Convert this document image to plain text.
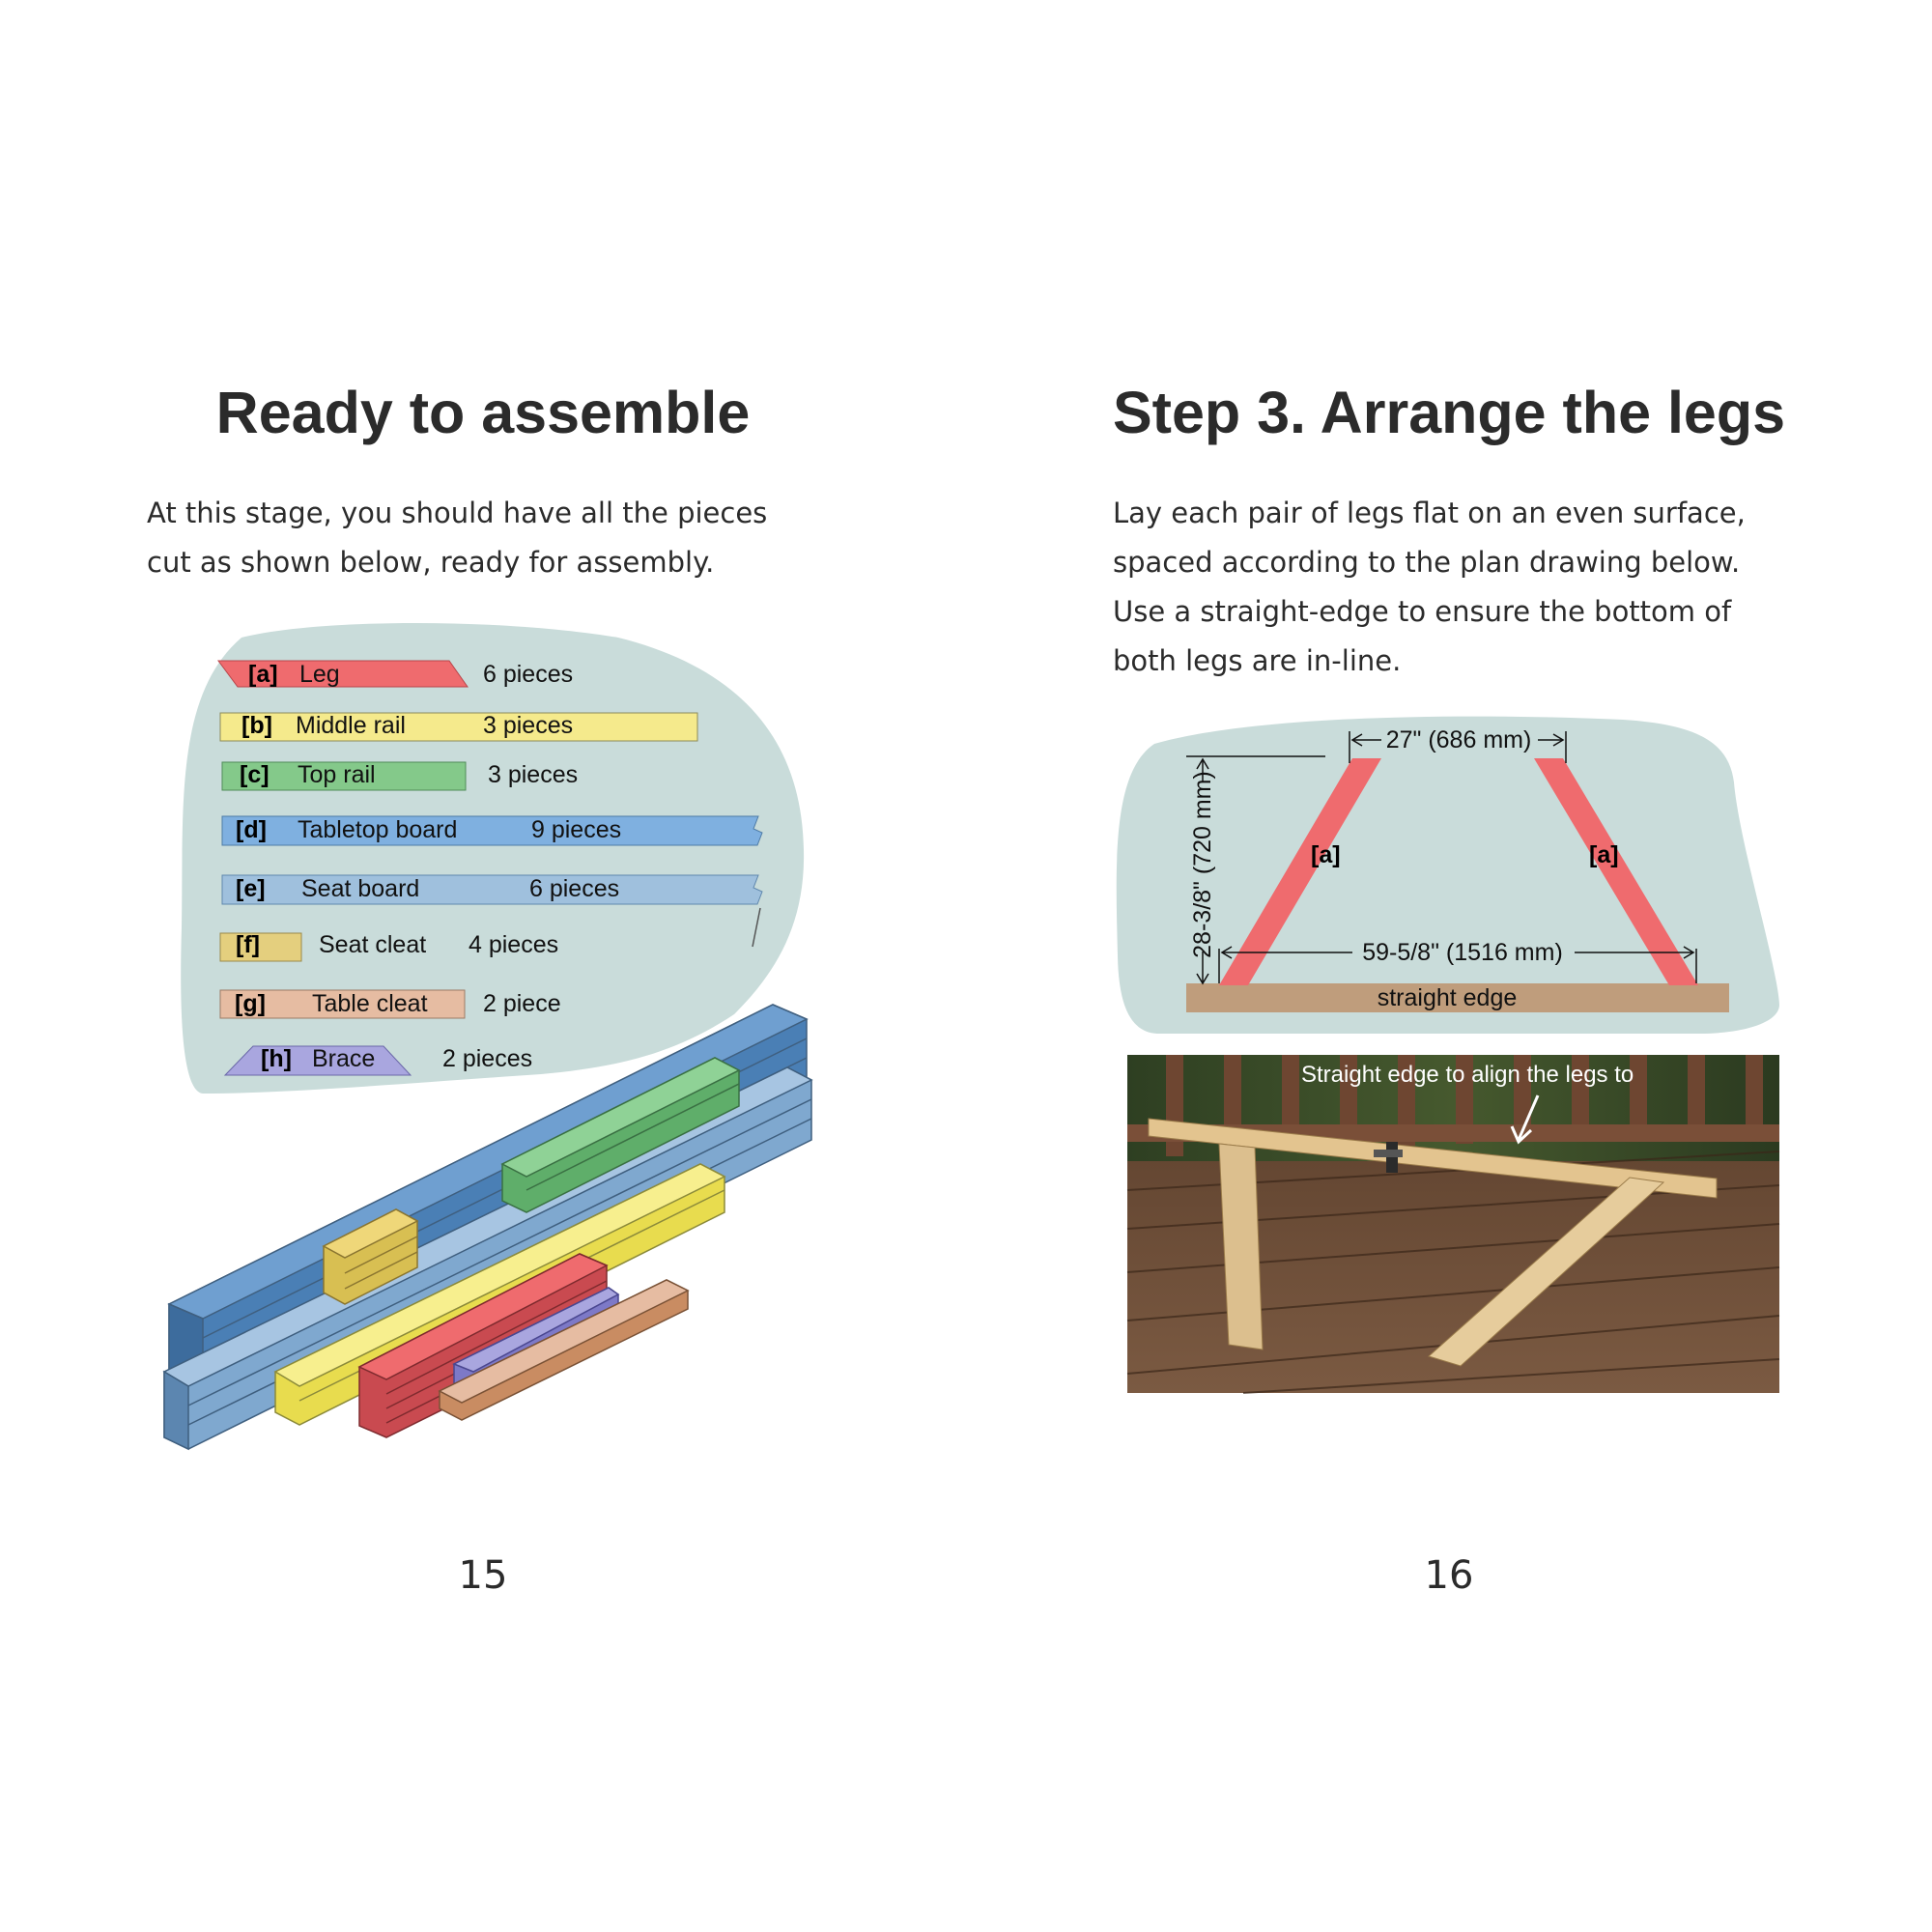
Ready to assemble

At this stage, you should have all the pieces
cut as shown below, ready for assembly.

[a]
[b]
[c]
[d]
[e]
[f]
[g]
[h]
Leg
Middle rail
Top rail
Tabletop board
Seat board
Seat cleat
Table cleat
Brace
6 pieces
3 pieces
3 pieces
9 pieces
6 pieces
4 pieces
2 piece
2 pieces
15
Step 3. Arrange the legs

Lay each pair of legs flat on an even surface,
spaced according to the plan drawing below.
Use a straight-edge to ensure the bottom of
both legs are in-line.

straight edge
[a]	[a]
27" (686 mm)
28-3/8" (720 mm)	59-5/8" (1516 mm)
Straight edge to align the legs to
16
